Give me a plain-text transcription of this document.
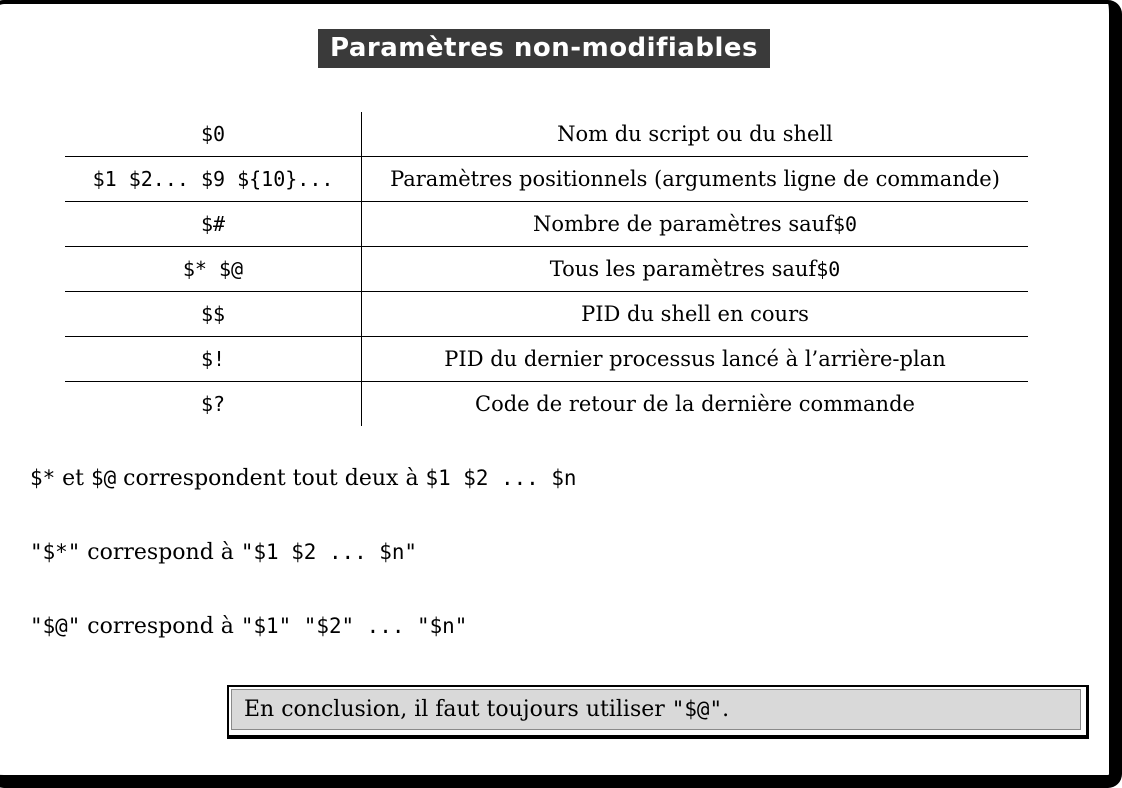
Paramètres non-modifiables
$0	Nom du script ou du shell
$1 $2... $9 ${10}...	Paramètres positionnels (arguments ligne de commande)
$#	Nombre de paramètres sauf $0
$* $@	Tous les paramètres sauf $0
$$	PID du shell en cours
$!	PID du dernier processus lancé à l’arrière-plan
$?	Code de retour de la dernière commande
$* et $@ correspondent tout deux à $1 $2 ... $n
"$*" correspond à "$1 $2 ... $n"
"$@" correspond à "$1" "$2" ... "$n"
En conclusion, il faut toujours utiliser "$@".
